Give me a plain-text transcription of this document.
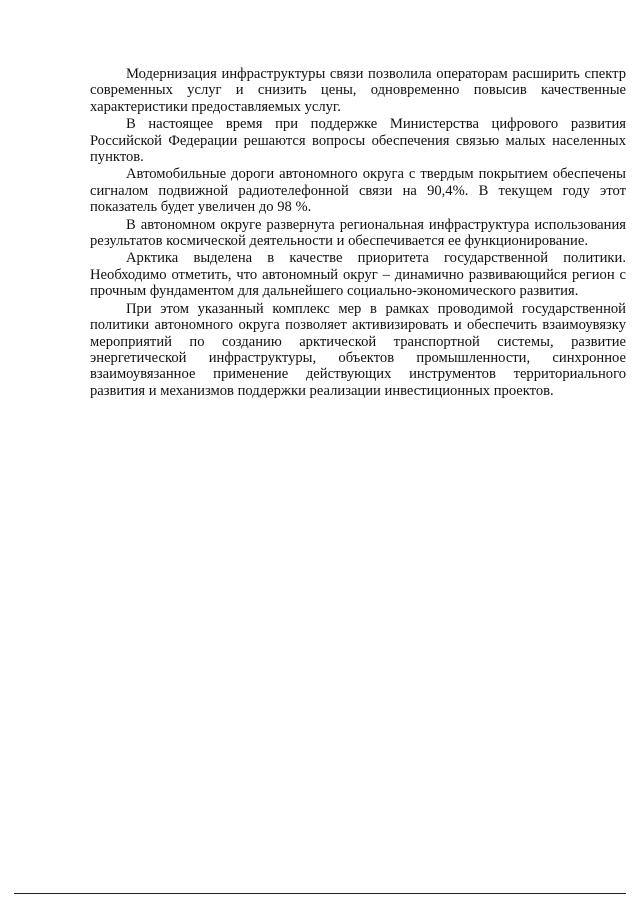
Модернизация инфраструктуры связи позволила операторам расширить спектр современных услуг и снизить цены, одновременно повысив качественные характеристики предоставляемых услуг.

В настоящее время при поддержке Министерства цифрового развития Российской Федерации решаются вопросы обеспечения связью малых населенных пунктов.

Автомобильные дороги автономного округа с твердым покрытием обеспечены сигналом подвижной радиотелефонной связи на 90,4%. В текущем году этот показатель будет увеличен до 98 %.

В автономном округе развернута региональная инфраструктура использования результатов космической деятельности и обеспечивается ее функционирование.

Арктика выделена в качестве приоритета государственной политики. Необходимо отметить, что автономный округ – динамично развивающийся регион с прочным фундаментом для дальнейшего социально-экономического развития.

При этом указанный комплекс мер в рамках проводимой государственной политики автономного округа позволяет активизировать и обеспечить взаимоувязку мероприятий по созданию арктической транспортной системы, развитие энергетической инфраструктуры, объектов промышленности, синхронное взаимоувязанное применение действующих инструментов территориального развития и механизмов поддержки реализации инвестиционных проектов.
